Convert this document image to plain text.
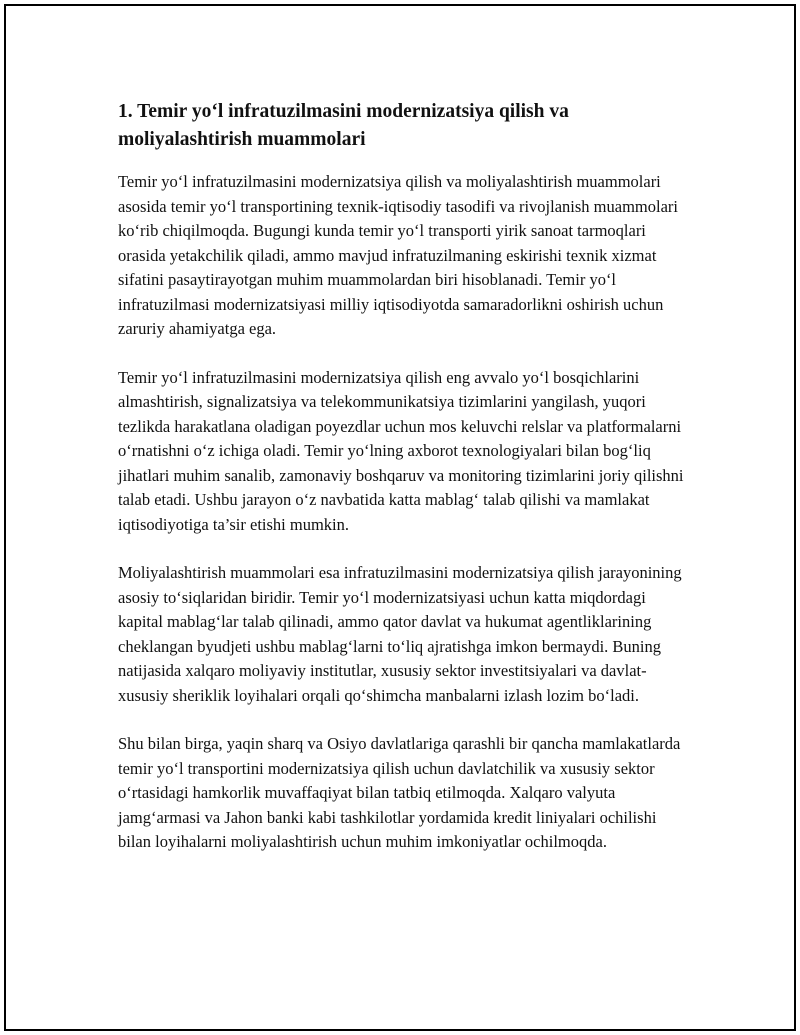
1. Temir yo‘l infratuzilmasini modernizatsiya qilish va moliyalashtirish muammolari

Temir yo‘l infratuzilmasini modernizatsiya qilish va moliyalashtirish muammolari asosida temir yo‘l transportining texnik-iqtisodiy tasodifi va rivojlanish muammolari ko‘rib chiqilmoqda. Bugungi kunda temir yo‘l transporti yirik sanoat tarmoqlari orasida yetakchilik qiladi, ammo mavjud infratuzilmaning eskirishi texnik xizmat sifatini pasaytirayotgan muhim muammolardan biri hisoblanadi. Temir yo‘l infratuzilmasi modernizatsiyasi milliy iqtisodiyotda samaradorlikni oshirish uchun zaruriy ahamiyatga ega.

Temir yo‘l infratuzilmasini modernizatsiya qilish eng avvalo yo‘l bosqichlarini almashtirish, signalizatsiya va telekommunikatsiya tizimlarini yangilash, yuqori tezlikda harakatlana oladigan poyezdlar uchun mos keluvchi relslar va platformalarni o‘rnatishni o‘z ichiga oladi. Temir yo‘lning axborot texnologiyalari bilan bog‘liq jihatlari muhim sanalib, zamonaviy boshqaruv va monitoring tizimlarini joriy qilishni talab etadi. Ushbu jarayon o‘z navbatida katta mablag‘ talab qilishi va mamlakat iqtisodiyotiga ta’sir etishi mumkin.

Moliyalashtirish muammolari esa infratuzilmasini modernizatsiya qilish jarayonining asosiy to‘siqlaridan biridir. Temir yo‘l modernizatsiyasi uchun katta miqdordagi kapital mablag‘lar talab qilinadi, ammo qator davlat va hukumat agentliklarining cheklangan byudjeti ushbu mablag‘larni to‘liq ajratishga imkon bermaydi. Buning natijasida xalqaro moliyaviy institutlar, xususiy sektor investitsiyalari va davlat-xususiy sheriklik loyihalari orqali qo‘shimcha manbalarni izlash lozim bo‘ladi.

Shu bilan birga, yaqin sharq va Osiyo davlatlariga qarashli bir qancha mamlakatlarda temir yo‘l transportini modernizatsiya qilish uchun davlatchilik va xususiy sektor o‘rtasidagi hamkorlik muvaffaqiyat bilan tatbiq etilmoqda. Xalqaro valyuta jamg‘armasi va Jahon banki kabi tashkilotlar yordamida kredit liniyalari ochilishi bilan loyihalarni moliyalashtirish uchun muhim imkoniyatlar ochilmoqda.
